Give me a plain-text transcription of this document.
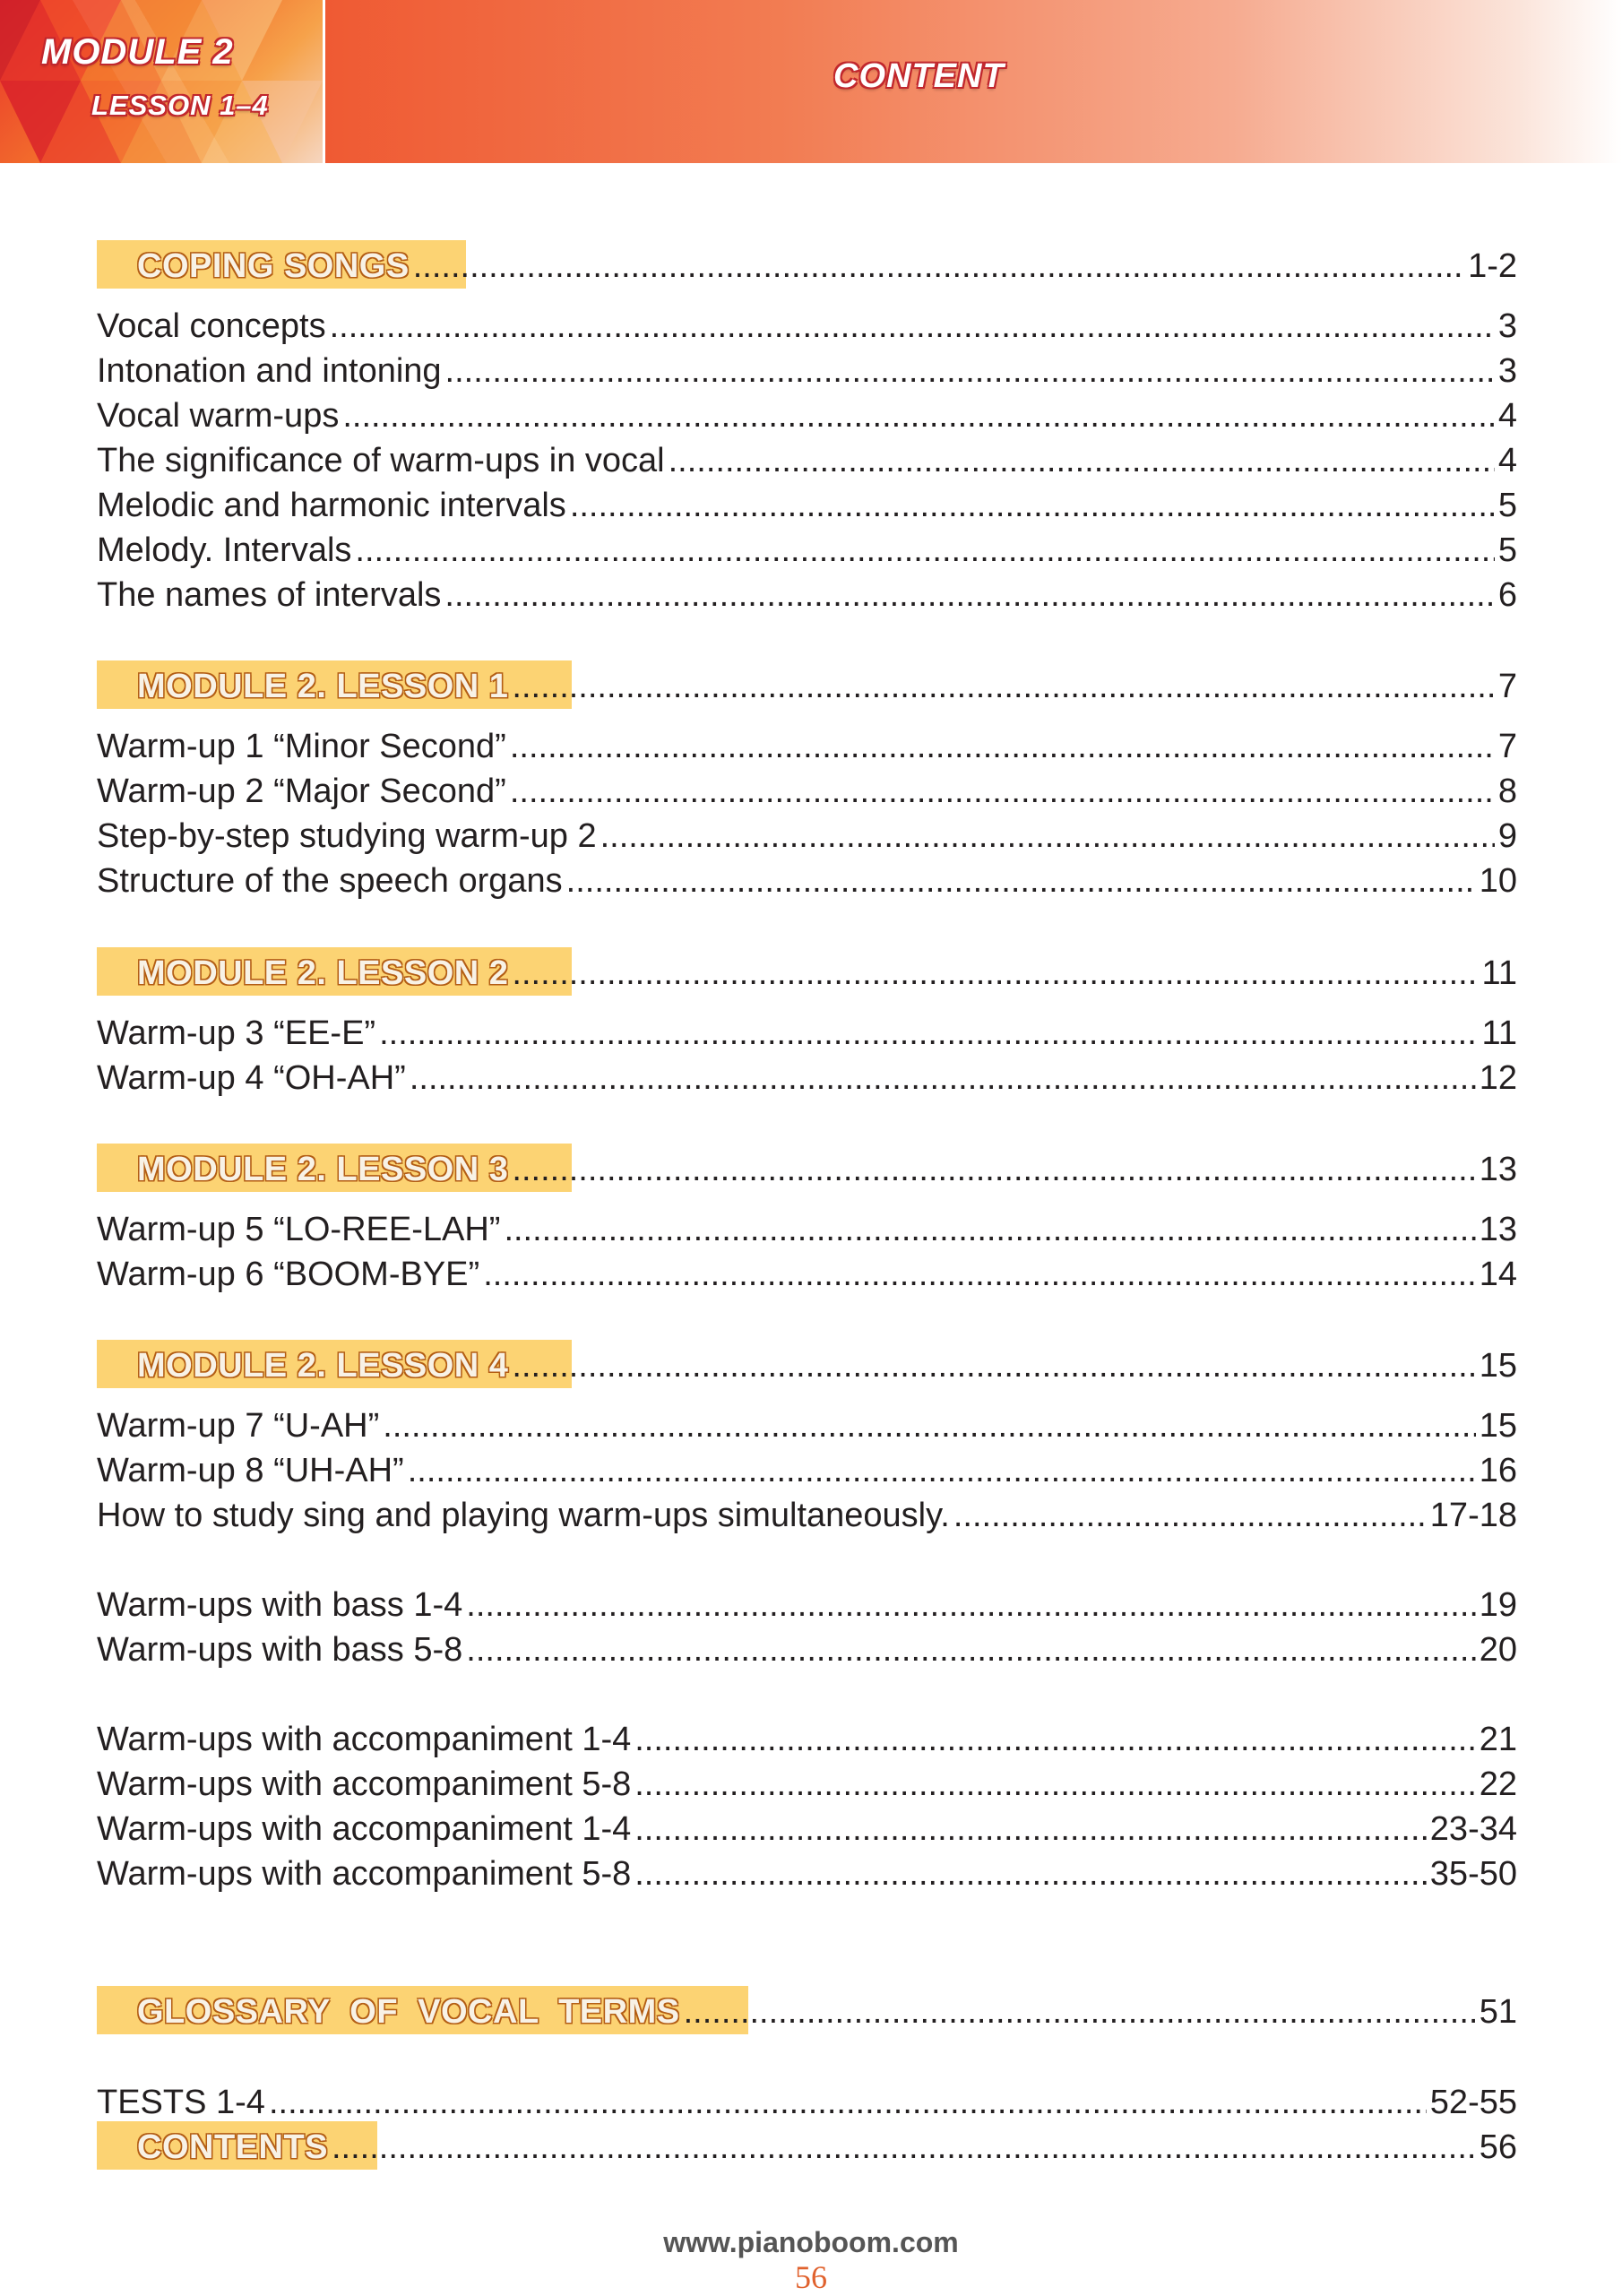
MODULE 2
LESSON 1–4
CONTENT
COPING SONGS .....	1-2
Vocal concepts .....	3
Intonation and intoning .....	3
Vocal warm-ups .....	4
The significance of warm-ups in vocal .....	4
Melodic and harmonic intervals .....	5
Melody. Intervals .....	5
The names of intervals .....	6
MODULE 2. LESSON 1 .....	7
Warm-up 1 “Minor Second” .....	7
Warm-up 2 “Major Second” .....	8
Step-by-step studying warm-up 2 .....	9
Structure of the speech organs .....	10
MODULE 2. LESSON 2 .....	11
Warm-up 3 “EE-E” .....	11
Warm-up 4 “OH-AH” .....	12
MODULE 2. LESSON 3 .....	13
Warm-up 5 “LO-REE-LAH” .....	13
Warm-up 6 “BOOM-BYE” .....	14
MODULE 2. LESSON 4 .....	15
Warm-up 7 “U-AH” .....	15
Warm-up 8 “UH-AH” .....	16
How to study sing and playing warm-ups simultaneously. .....	17-18
Warm-ups with bass 1-4 .....	19
Warm-ups with bass 5-8 .....	20
Warm-ups with accompaniment 1-4 .....	21
Warm-ups with accompaniment 5-8 .....	22
Warm-ups with accompaniment 1-4 .....	23-34
Warm-ups with accompaniment 5-8 .....	35-50
GLOSSARY  OF  VOCAL  TERMS .....	51
TESTS 1-4 .....	52-55
CONTENTS .....	56
www.pianoboom.com
56
